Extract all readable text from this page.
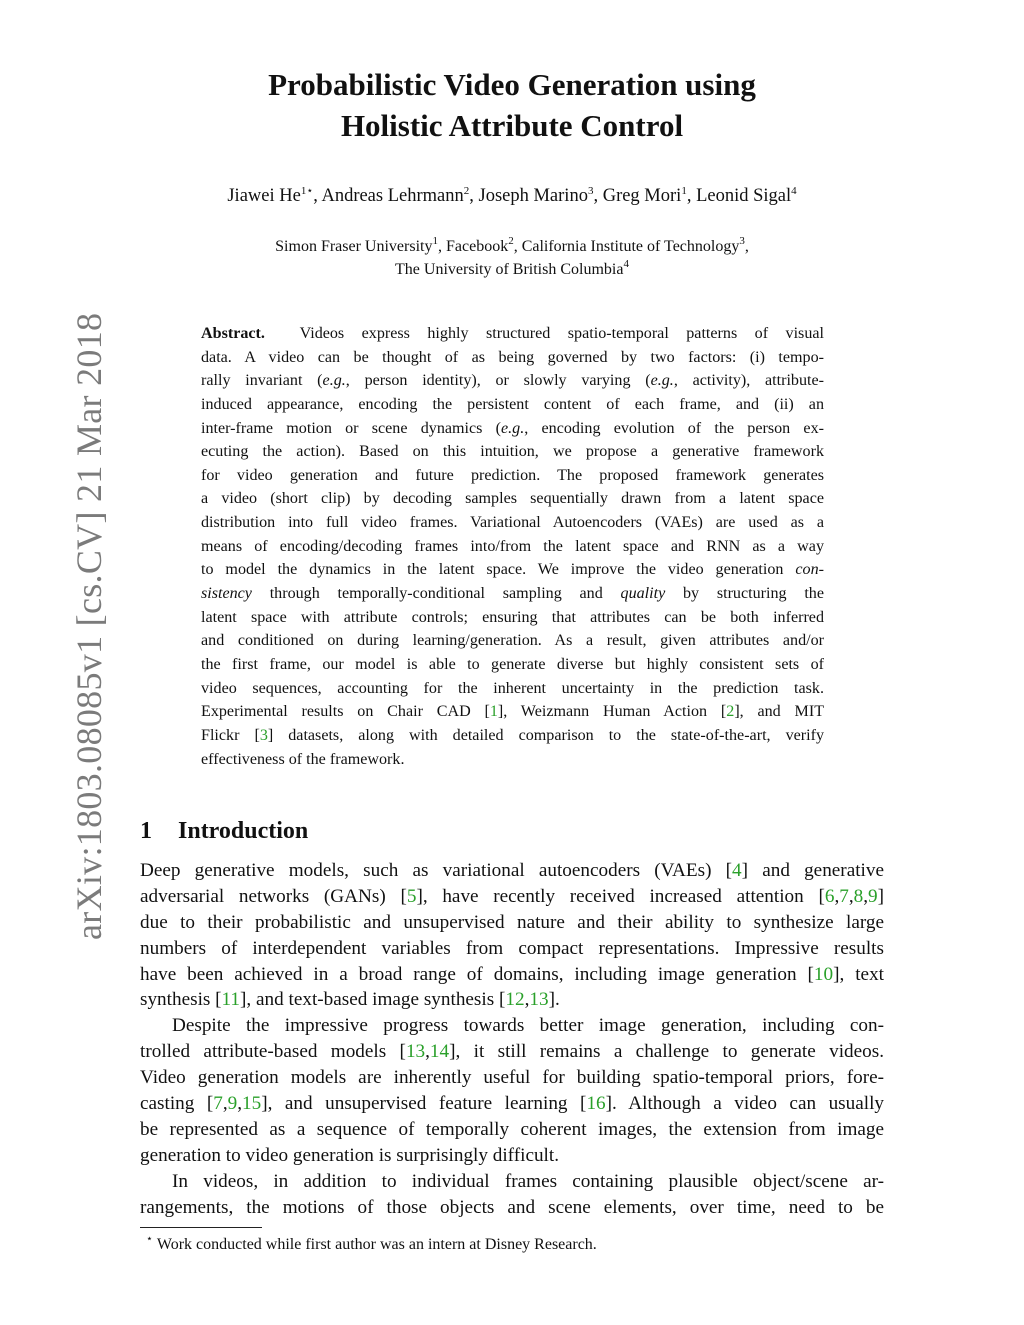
arXiv:1803.08085v1 [cs.CV] 21 Mar 2018
Probabilistic Video Generation using
Holistic Attribute Control
Jiawei $He^{1⋆}$, Andreas Lehrmann$^2$, Joseph Marino$^3$, Greg Mori$^1$, Leonid Sigal$^4$
Simon Fraser University$^1$, Facebook$^2$, California Institute of Technology$^3$,
The University of British Columbia$^4$
Abstract. Videos express highly structured spatio-temporal patterns of visual
data. A video can be thought of as being governed by two factors: (i) tempo-
rally invariant (e.g., person identity), or slowly varying (e.g., activity), attribute-
induced appearance, encoding the persistent content of each frame, and (ii) an
inter-frame motion or scene dynamics (e.g., encoding evolution of the person ex-
ecuting the action). Based on this intuition, we propose a generative framework
for video generation and future prediction. The proposed framework generates
a video (short clip) by decoding samples sequentially drawn from a latent space
distribution into full video frames. Variational Autoencoders (VAEs) are used as a
means of encoding/decoding frames into/from the latent space and RNN as a way
to model the dynamics in the latent space. We improve the video generation con-
sistency through temporally-conditional sampling and quality by structuring the
latent space with attribute controls; ensuring that attributes can be both inferred
and conditioned on during learning/generation. As a result, given attributes and/or
the first frame, our model is able to generate diverse but highly consistent sets of
video sequences, accounting for the inherent uncertainty in the prediction task.
Experimental results on Chair CAD [1], Weizmann Human Action [2], and MIT
Flickr [3] datasets, along with detailed comparison to the state-of-the-art, verify
effectiveness of the framework.
1 Introduction
Deep generative models, such as variational autoencoders (VAEs) [4] and generative
adversarial networks (GANs) [5], have recently received increased attention [6,7,8,9]
due to their probabilistic and unsupervised nature and their ability to synthesize large
numbers of interdependent variables from compact representations. Impressive results
have been achieved in a broad range of domains, including image generation [10], text
synthesis [11], and text-based image synthesis [12,13].
Despite the impressive progress towards better image generation, including con-
trolled attribute-based models [13,14], it still remains a challenge to generate videos.
Video generation models are inherently useful for building spatio-temporal priors, fore-
casting [7,9,15], and unsupervised feature learning [16]. Although a video can usually
be represented as a sequence of temporally coherent images, the extension from image
generation to video generation is surprisingly difficult.
In videos, in addition to individual frames containing plausible object/scene ar-
rangements, the motions of those objects and scene elements, over time, need to be
⋆ Work conducted while first author was an intern at Disney Research.
